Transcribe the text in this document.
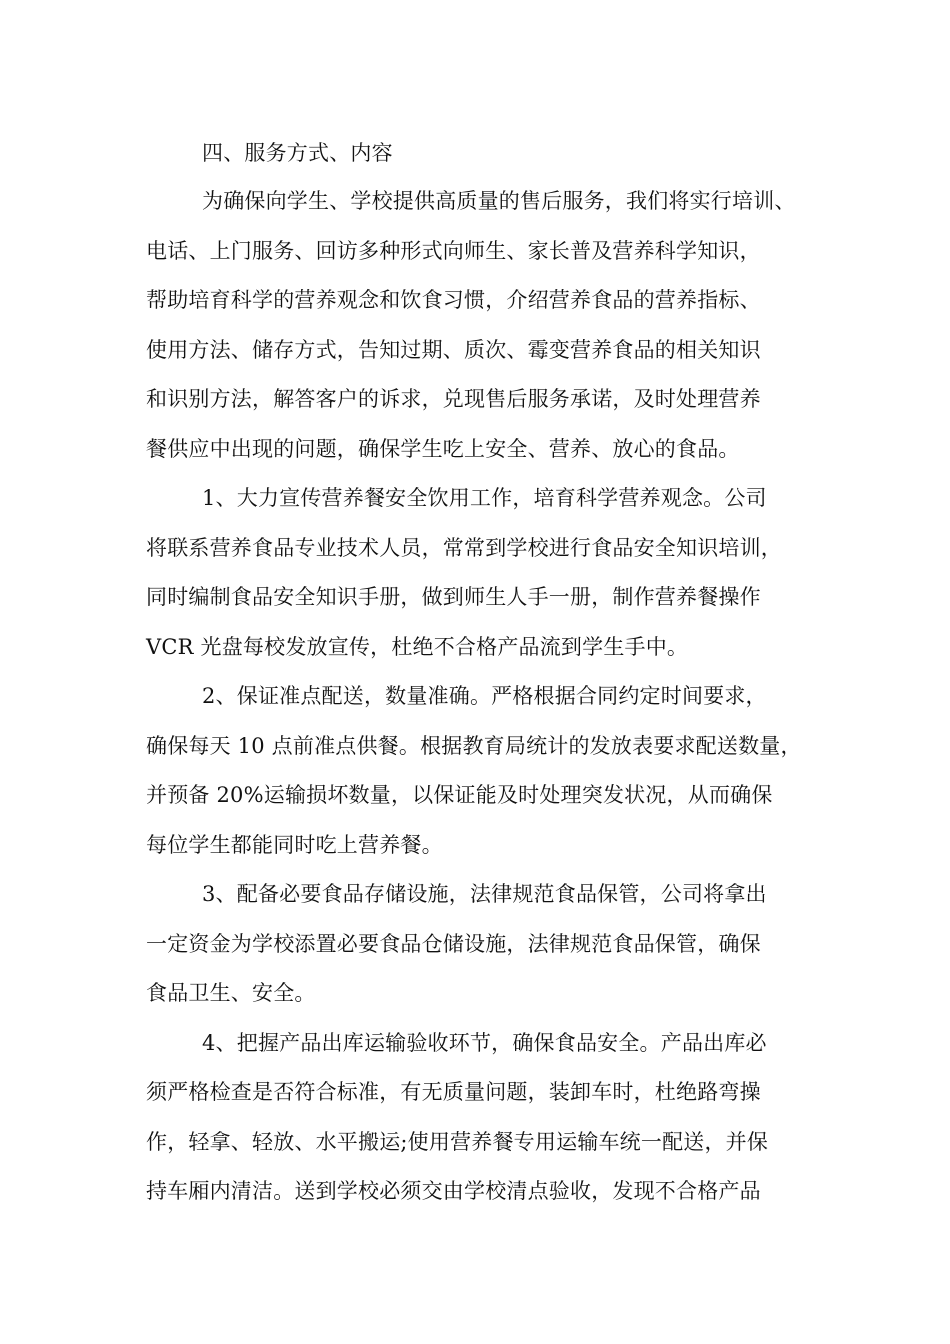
四、服务方式、内容
为确保向学生、学校提供高质量的售后服务，我们将实行培训、
电话、上门服务、回访多种形式向师生、家长普及营养科学知识，
帮助培育科学的营养观念和饮食习惯，介绍营养食品的营养指标、
使用方法、储存方式，告知过期、质次、霉变营养食品的相关知识
和识别方法，解答客户的诉求，兑现售后服务承诺，及时处理营养
餐供应中出现的问题，确保学生吃上安全、营养、放心的食品。
1、大力宣传营养餐安全饮用工作，培育科学营养观念。公司
将联系营养食品专业技术人员，常常到学校进行食品安全知识培训，
同时编制食品安全知识手册，做到师生人手一册，制作营养餐操作
VCR 光盘每校发放宣传，杜绝不合格产品流到学生手中。
2、保证准点配送，数量准确。严格根据合同约定时间要求，
确保每天 10 点前准点供餐。根据教育局统计的发放表要求配送数量，
并预备 20%运输损坏数量，以保证能及时处理突发状况，从而确保
每位学生都能同时吃上营养餐。
3、配备必要食品存储设施，法律规范食品保管，公司将拿出
一定资金为学校添置必要食品仓储设施，法律规范食品保管，确保
食品卫生、安全。
4、把握产品出库运输验收环节，确保食品安全。产品出库必
须严格检查是否符合标准，有无质量问题，装卸车时，杜绝路弯操
作，轻拿、轻放、水平搬运;使用营养餐专用运输车统一配送，并保
持车厢内清洁。送到学校必须交由学校清点验收，发现不合格产品
